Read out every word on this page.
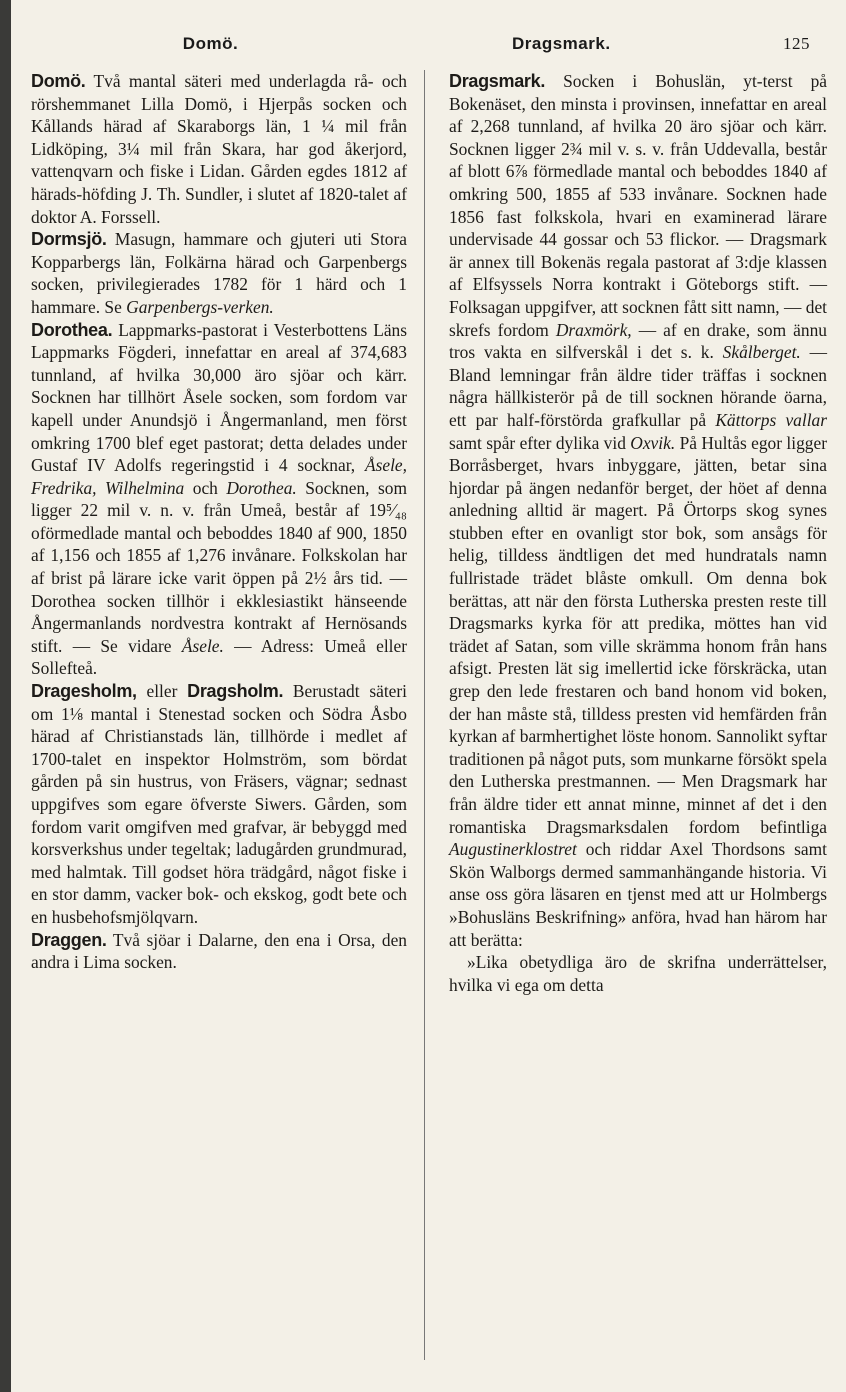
Domö.	Dragsmark.	125

Domö. Två mantal säteri med underlagda rå- och rörshemmanet Lilla Domö, i Hjerpås socken och Kållands härad af Skaraborgs län, 1 ¼ mil från Lidköping, 3¼ mil från Skara, har god åkerjord, vattenqvarn och fiske i Lidan. Gården egdes 1812 af härads-höfding J. Th. Sundler, i slutet af 1820-talet af doktor A. Forssell.

Dormsjö. Masugn, hammare och gjuteri uti Stora Kopparbergs län, Folkärna härad och Garpenbergs socken, privilegierades 1782 för 1 härd och 1 hammare. Se Garpenbergs-verken.

Dorothea. Lappmarks-pastorat i Vesterbottens Läns Lappmarks Fögderi, innefattar en areal af 374,683 tunnland, af hvilka 30,000 äro sjöar och kärr. Socknen har tillhört Åsele socken, som fordom var kapell under Anundsjö i Ångermanland, men först omkring 1700 blef eget pastorat; detta delades under Gustaf IV Adolfs regeringstid i 4 socknar, Åsele, Fredrika, Wilhelmina och Dorothea. Socknen, som ligger 22 mil v. n. v. från Umeå, består af 19⁵⁄₄₈ oförmedlade mantal och beboddes 1840 af 900, 1850 af 1,156 och 1855 af 1,276 invånare. Folkskolan har af brist på lärare icke varit öppen på 2½ års tid. — Dorothea socken tillhör i ekklesiastikt hänseende Ångermanlands nordvestra kontrakt af Hernösands stift. — Se vidare Åsele. — Adress: Umeå eller Sollefteå.

Dragesholm, eller Dragsholm. Berustadt säteri om 1⅛ mantal i Stenestad socken och Södra Åsbo härad af Christianstads län, tillhörde i medlet af 1700-talet en inspektor Holmström, som bördat gården på sin hustrus, von Fräsers, vägnar; sednast uppgifves som egare öfverste Siwers. Gården, som fordom varit omgifven med grafvar, är bebyggd med korsverkshus under tegeltak; ladugården grundmurad, med halmtak. Till godset höra trädgård, något fiske i en stor damm, vacker bok- och ekskog, godt bete och en husbehofsmjölqvarn.

Draggen. Två sjöar i Dalarne, den ena i Orsa, den andra i Lima socken.

Dragsmark. Socken i Bohuslän, yt-terst på Bokenäset, den minsta i provinsen, innefattar en areal af 2,268 tunnland, af hvilka 20 äro sjöar och kärr. Socknen ligger 2¾ mil v. s. v. från Uddevalla, består af blott 6⅞ förmedlade mantal och beboddes 1840 af omkring 500, 1855 af 533 invånare. Socknen hade 1856 fast folkskola, hvari en examinerad lärare undervisade 44 gossar och 53 flickor. — Dragsmark är annex till Bokenäs regala pastorat af 3:dje klassen af Elfsyssels Norra kontrakt i Göteborgs stift. — Folksagan uppgifver, att socknen fått sitt namn, — det skrefs fordom Draxmörk, — af en drake, som ännu tros vakta en silfverskål i det s. k. Skålberget. — Bland lemningar från äldre tider träffas i socknen några hällkisterör på de till socknen hörande öarna, ett par half-förstörda grafkullar på Kättorps vallar samt spår efter dylika vid Oxvik. På Hultås egor ligger Borråsberget, hvars inbyggare, jätten, betar sina hjordar på ängen nedanför berget, der höet af denna anledning alltid är magert. På Örtorps skog synes stubben efter en ovanligt stor bok, som ansågs för helig, tilldess ändtligen det med hundratals namn fullristade trädet blåste omkull. Om denna bok berättas, att när den första Lutherska presten reste till Dragsmarks kyrka för att predika, möttes han vid trädet af Satan, som ville skrämma honom från hans afsigt. Presten lät sig imellertid icke förskräcka, utan grep den lede frestaren och band honom vid boken, der han måste stå, tilldess presten vid hemfärden från kyrkan af barmhertighet löste honom. Sannolikt syftar traditionen på något puts, som munkarne försökt spela den Lutherska prestmannen. — Men Dragsmark har från äldre tider ett annat minne, minnet af det i den romantiska Dragsmarksdalen fordom befintliga Augustinerklostret och riddar Axel Thordsons samt Skön Walborgs dermed sammanhängande historia. Vi anse oss göra läsaren en tjenst med att ur Holmbergs »Bohusläns Beskrifning» anföra, hvad han härom har att berätta:

»Lika obetydliga äro de skrifna underrättelser, hvilka vi ega om detta
